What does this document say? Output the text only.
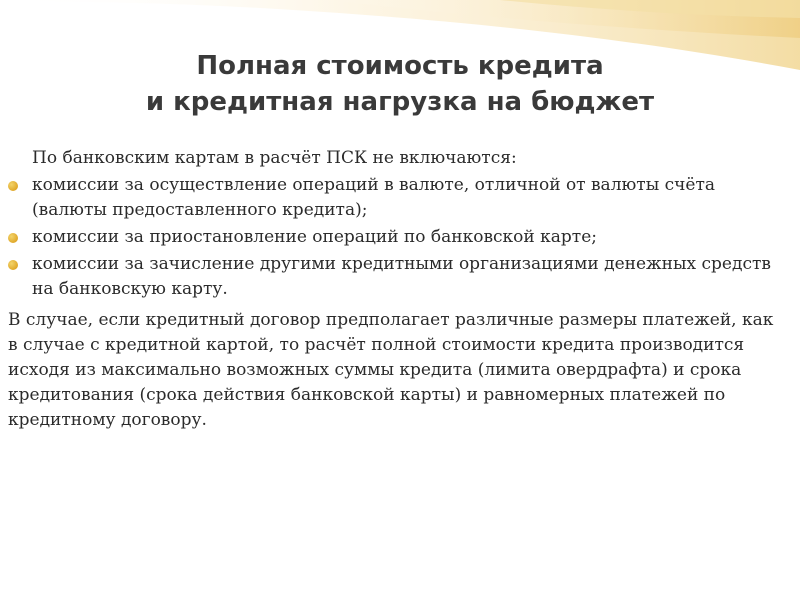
Полная стоимость кредита
и кредитная нагрузка на бюджет

По банковским картам в расчёт ПСК не включаются:

комиссии за осуществление операций в валюте, отличной от валюты счёта (валюты предоставленного кредита);
комиссии за приостановление операций по банковской карте;
комиссии за зачисление другими кредитными организациями денежных средств на банковскую карту.

В случае, если кредитный договор предполагает различные размеры платежей, как в случае с кредитной картой, то расчёт полной стоимости кредита производится исходя из максимально возможных суммы кредита (лимита овердрафта) и срока кредитования (срока действия банковской карты) и равномерных платежей по кредитному договору.
